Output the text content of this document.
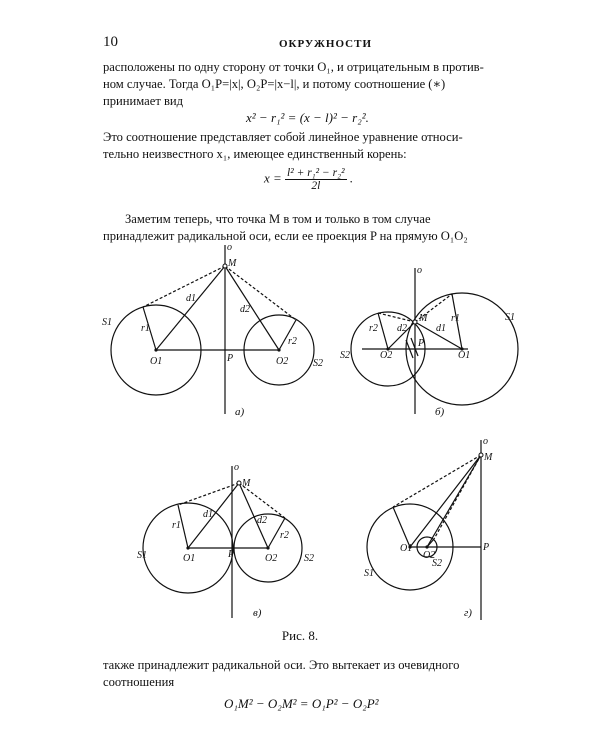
10	ОКРУЖНОСТИ
расположены по одну сторону от точки O₁, и отрицательным в против-
ном случае. Тогда O₁P=|x|, O₂P=|x−l|, и потому соотношение (∗)
принимает вид
x² − r₁² = (x − l)² − r₂².
Это соотношение представляет собой линейное уравнение относи-
тельно неизвестного x₁, имеющее единственный корень:
$x = \frac{\text{l² + r₁² − r₂²}}{2l}$ .
Заметим теперь, что точка M в том и только в том случае
принадлежит радикальной оси, если ее проекция P на прямую O₁O₂
o
M
S1
S2
O1	O2
P
r1
r2
d1
d2
а)
o
M
S2
S1
O2	O1
P
r2
r1
d2	d1
б)
o
M
S1	S2
O1	O2
P
r1
r2
d1
d2
в)
o
M
S1
S2
O1
O2
P
г)
Рис. 8.
также принадлежит радикальной оси. Это вытекает из очевидного
соотношения
O₁M² − O₂M² = O₁P² − O₂P²
